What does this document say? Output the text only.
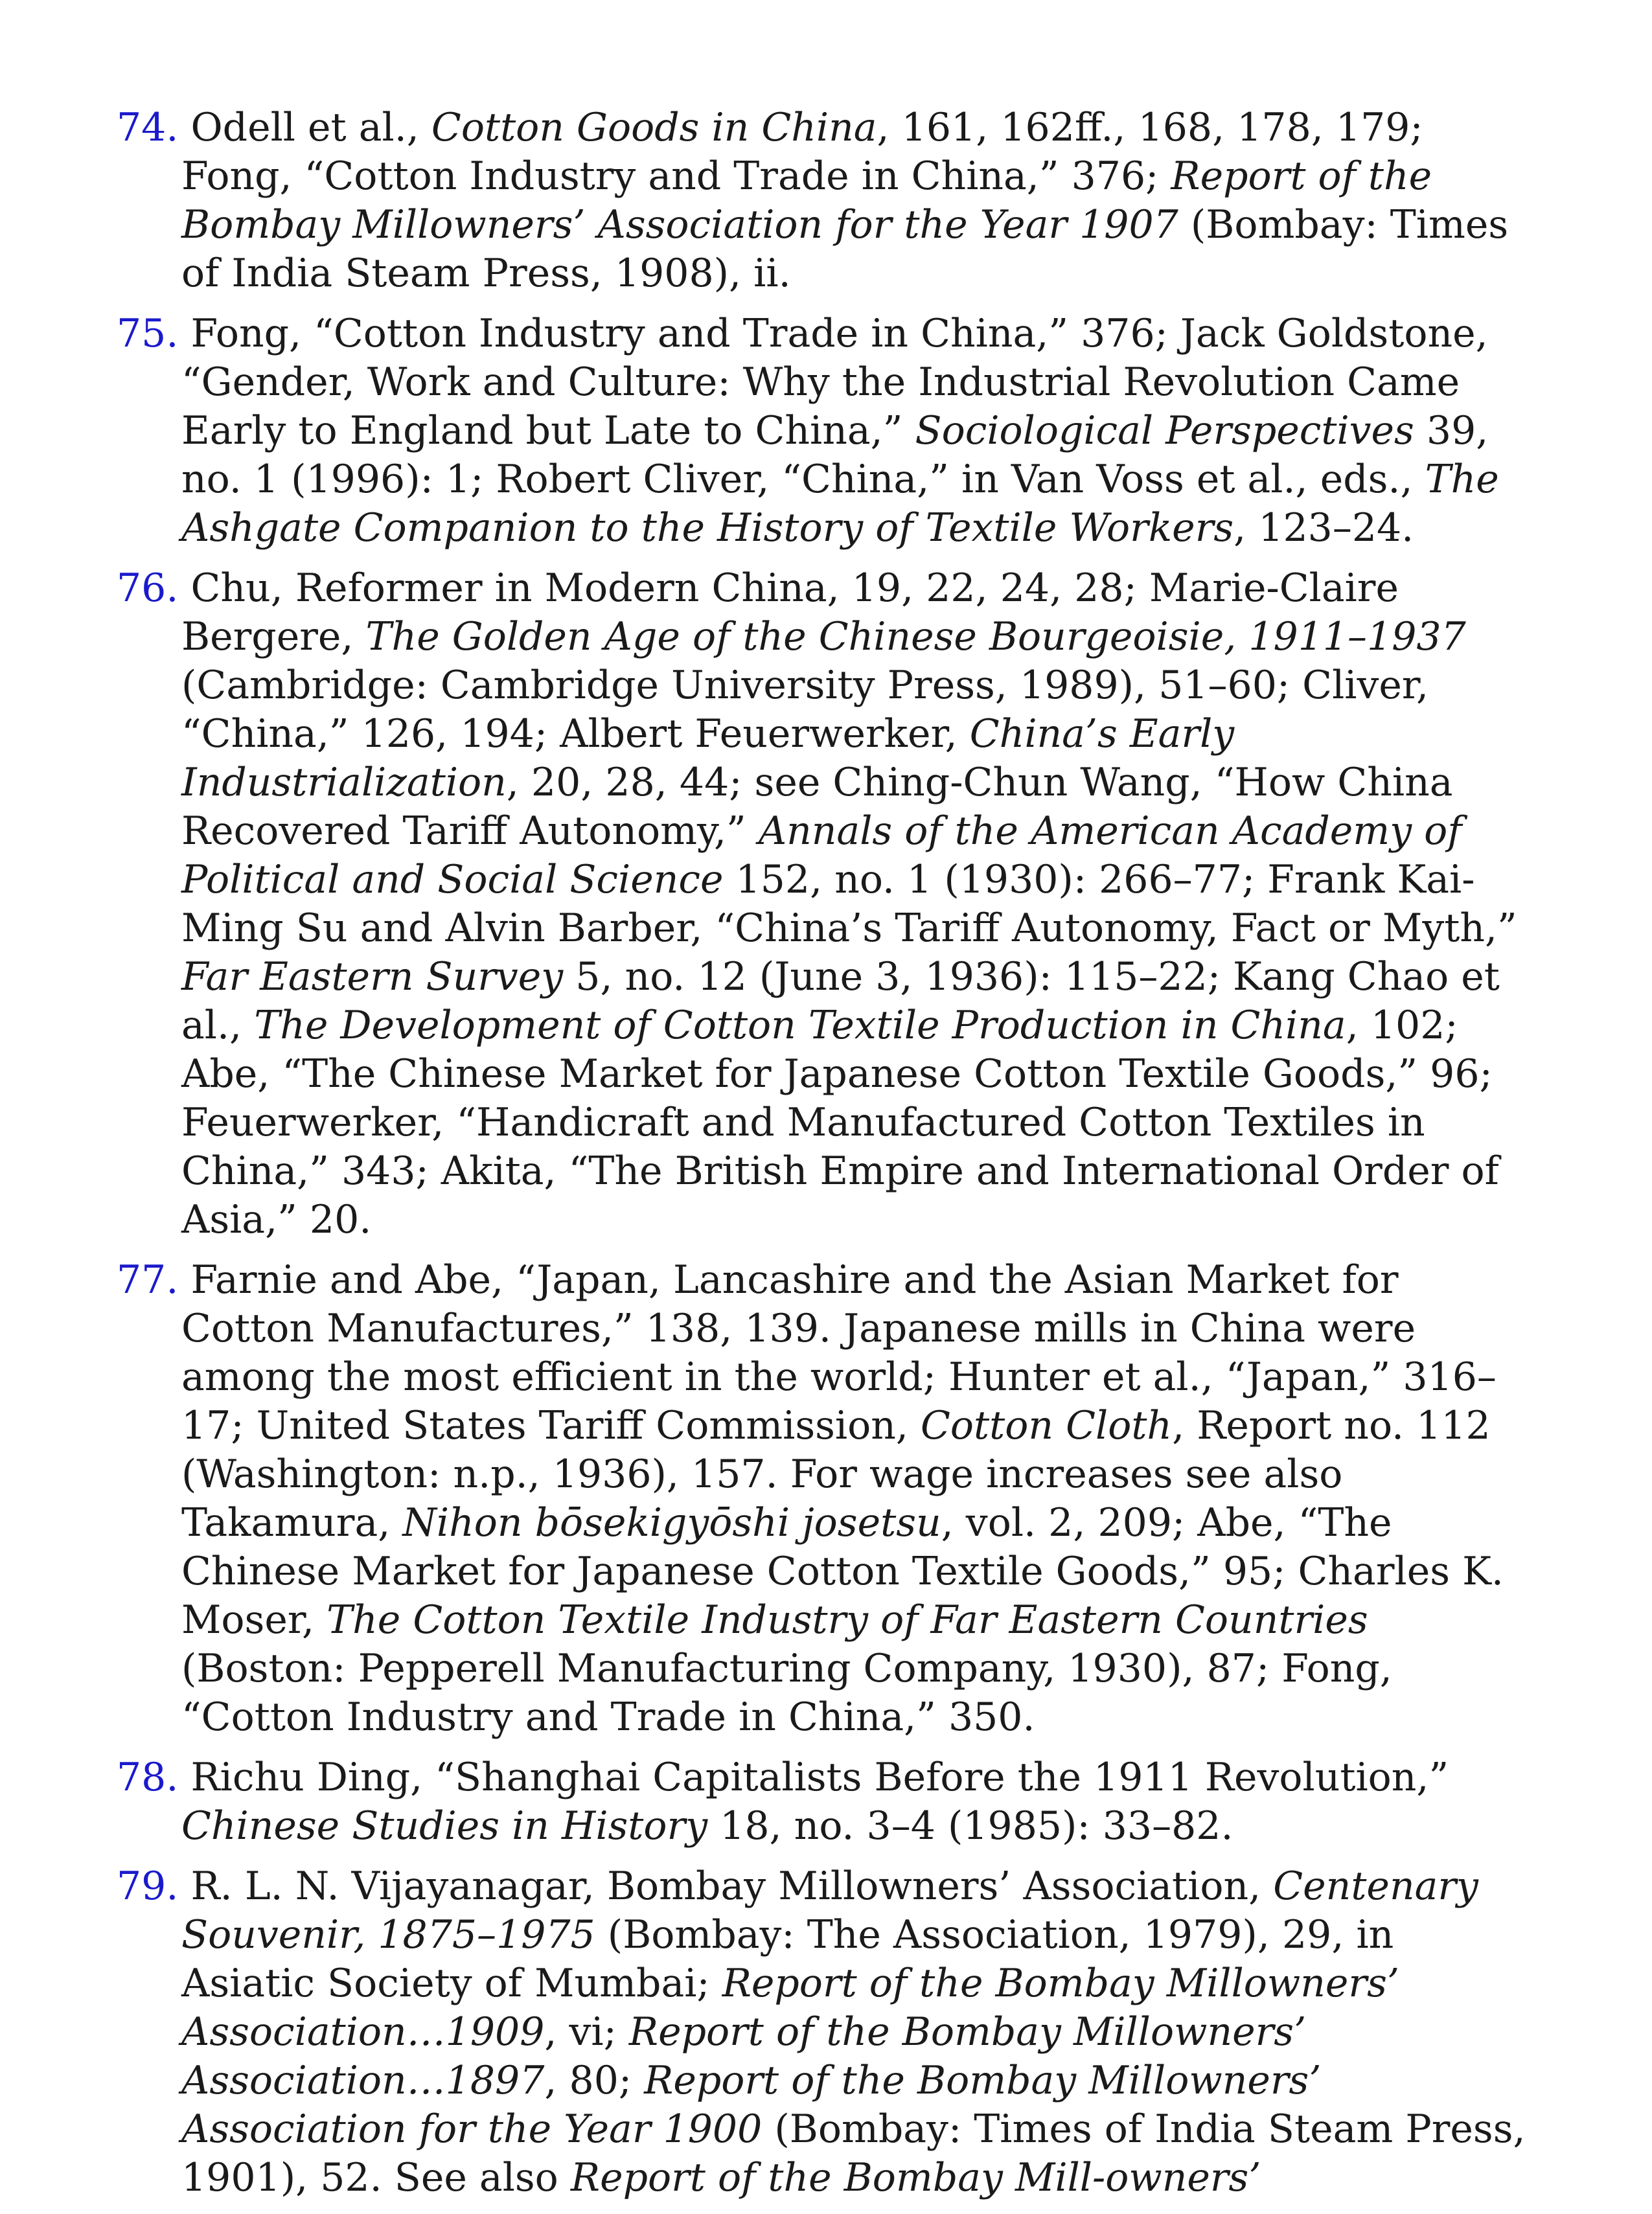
74. Odell et al., Cotton Goods in China, 161, 162ff., 168, 178, 179; Fong, “Cotton Industry and Trade in China,” 376; Report of the Bombay Millowners’ Association for the Year 1907 (Bombay: Times of India Steam Press, 1908), ii.

75. Fong, “Cotton Industry and Trade in China,” 376; Jack Goldstone, “Gender, Work and Culture: Why the Industrial Revolution Came Early to England but Late to China,” Sociological Perspectives 39, no. 1 (1996): 1; Robert Cliver, “China,” in Van Voss et al., eds., The Ashgate Companion to the History of Textile Workers, 123–24.

76. Chu, Reformer in Modern China, 19, 22, 24, 28; Marie-Claire Bergere, The Golden Age of the Chinese Bourgeoisie, 1911–1937 (Cambridge: Cambridge University Press, 1989), 51–60; Cliver, “China,” 126, 194; Albert Feuerwerker, China’s Early Industrialization, 20, 28, 44; see Ching-Chun Wang, “How China Recovered Tariff Autonomy,” Annals of the American Academy of Political and Social Science 152, no. 1 (1930): 266–77; Frank Kai-Ming Su and Alvin Barber, “China’s Tariff Autonomy, Fact or Myth,” Far Eastern Survey 5, no. 12 (June 3, 1936): 115–22; Kang Chao et al., The Development of Cotton Textile Production in China, 102; Abe, “The Chinese Market for Japanese Cotton Textile Goods,” 96; Feuerwerker, “Handicraft and Manufactured Cotton Textiles in China,” 343; Akita, “The British Empire and International Order of Asia,” 20.

77. Farnie and Abe, “Japan, Lancashire and the Asian Market for Cotton Manufactures,” 138, 139. Japanese mills in China were among the most efficient in the world; Hunter et al., “Japan,” 316–17; United States Tariff Commission, Cotton Cloth, Report no. 112 (Washington: n.p., 1936), 157. For wage increases see also Takamura, Nihon bōsekigyōshi josetsu, vol. 2, 209; Abe, “The Chinese Market for Japanese Cotton Textile Goods,” 95; Charles K. Moser, The Cotton Textile Industry of Far Eastern Countries (Boston: Pepperell Manufacturing Company, 1930), 87; Fong, “Cotton Industry and Trade in China,” 350.

78. Richu Ding, “Shanghai Capitalists Before the 1911 Revolution,” Chinese Studies in History 18, no. 3–4 (1985): 33–82.

79. R. L. N. Vijayanagar, Bombay Millowners’ Association, Centenary Souvenir, 1875–1975 (Bombay: The Association, 1979), 29, in Asiatic Society of Mumbai; Report of the Bombay Millowners’ Association…1909, vi; Report of the Bombay Millowners’ Association…1897, 80; Report of the Bombay Millowners’ Association for the Year 1900 (Bombay: Times of India Steam Press, 1901), 52. See also Report of the Bombay Mill-owners’
